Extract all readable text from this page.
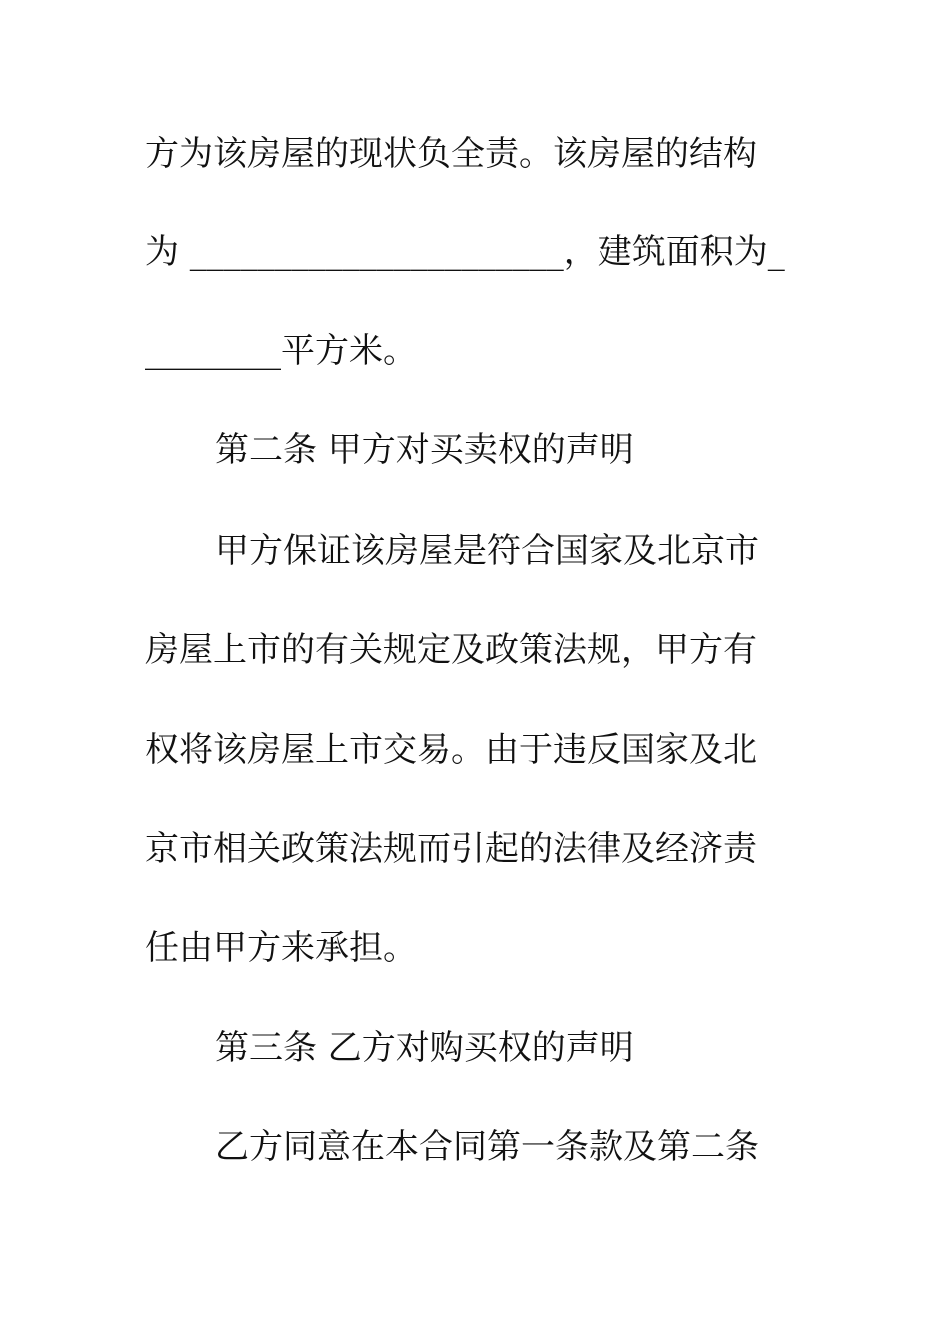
方为该房屋的现状负全责。该房屋的结构
为 ______________________，建筑面积为_
________平方米。
第二条 甲方对买卖权的声明
甲方保证该房屋是符合国家及北京市
房屋上市的有关规定及政策法规，甲方有
权将该房屋上市交易。由于违反国家及北
京市相关政策法规而引起的法律及经济责
任由甲方来承担。
第三条 乙方对购买权的声明
乙方同意在本合同第一条款及第二条
